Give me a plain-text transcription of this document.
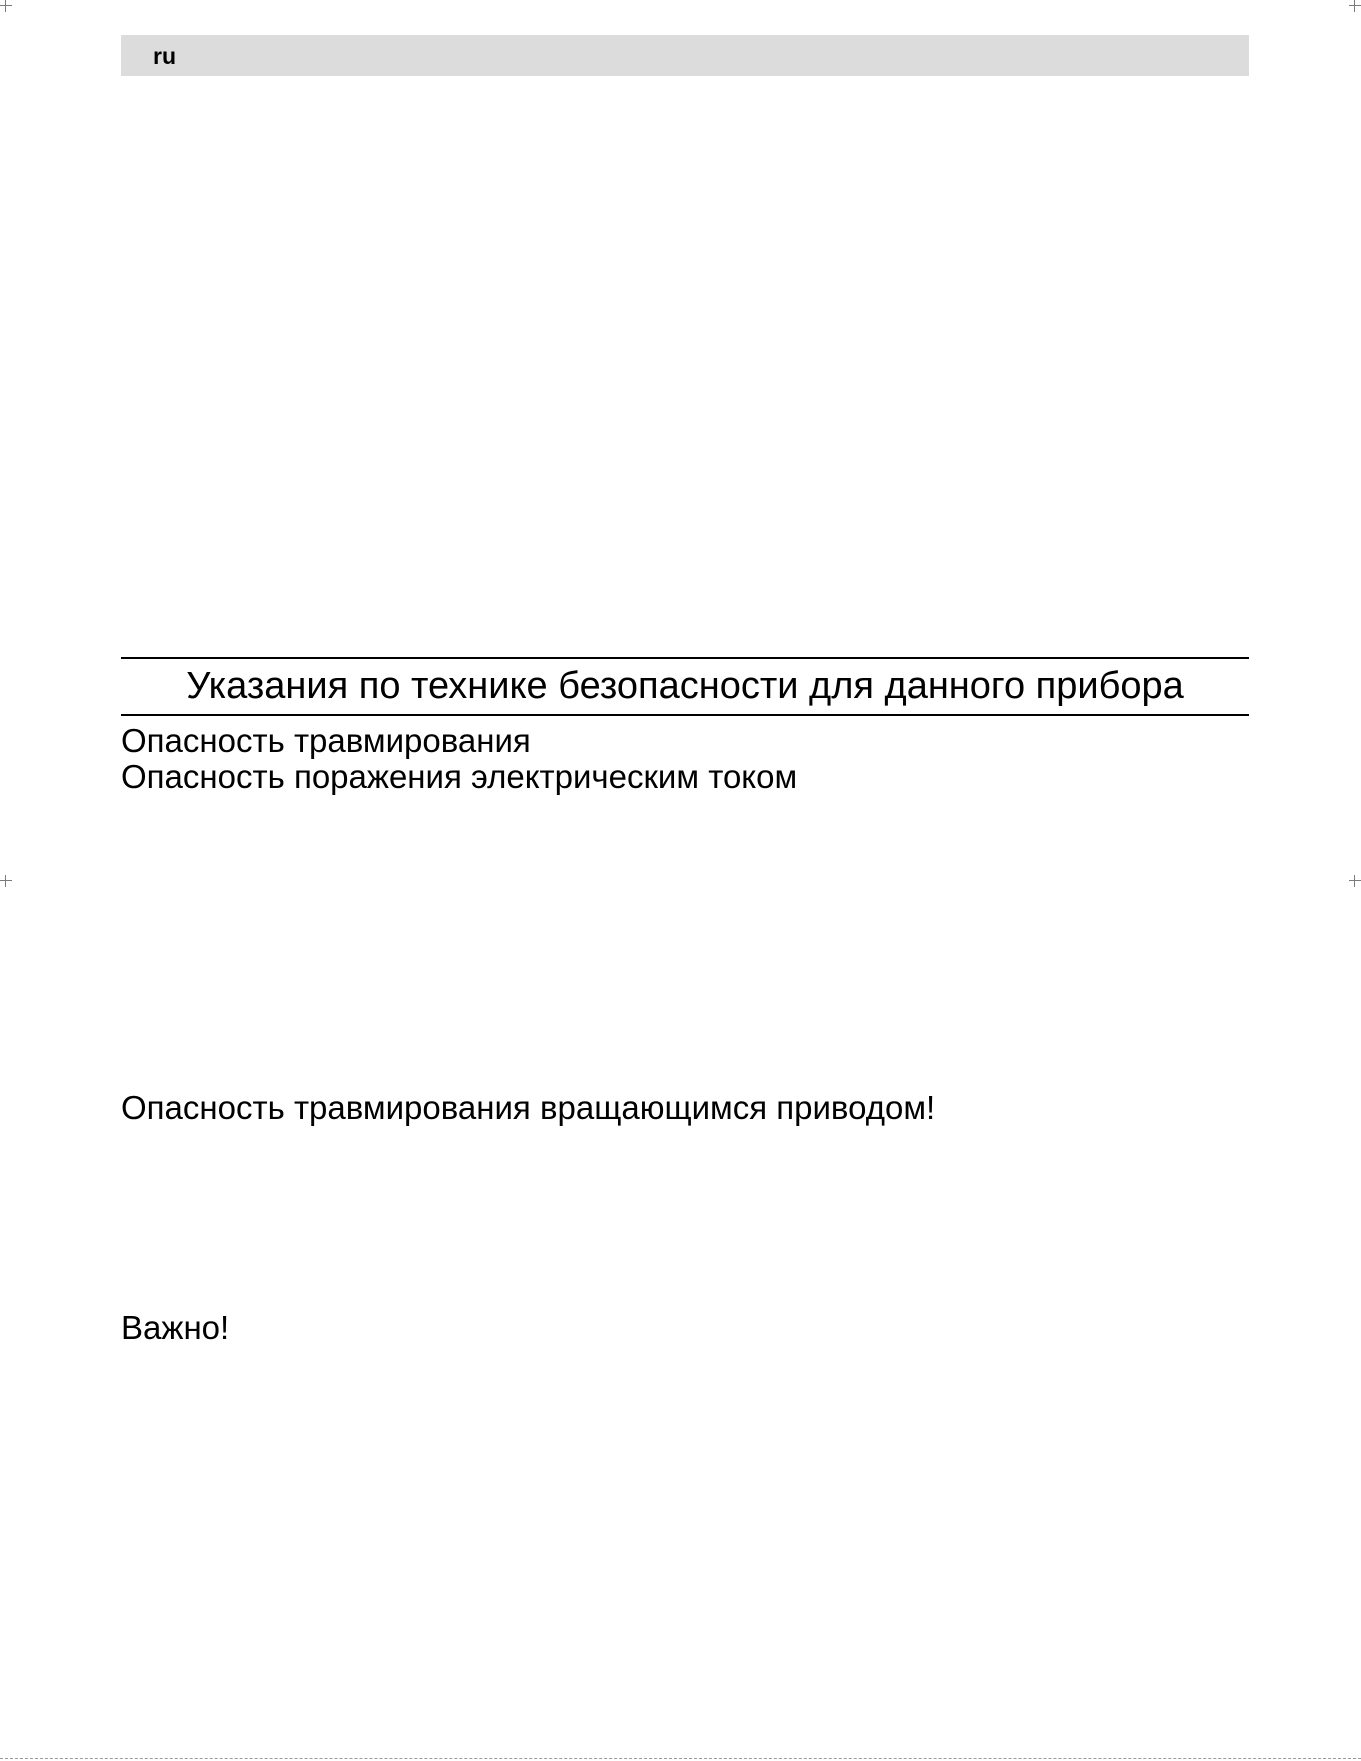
ru
Указания по технике безопасности для данного прибора
Опасность травмирования
Опасность поражения электрическим током
Опасность травмирования вращающимся приводом!
Важно!
